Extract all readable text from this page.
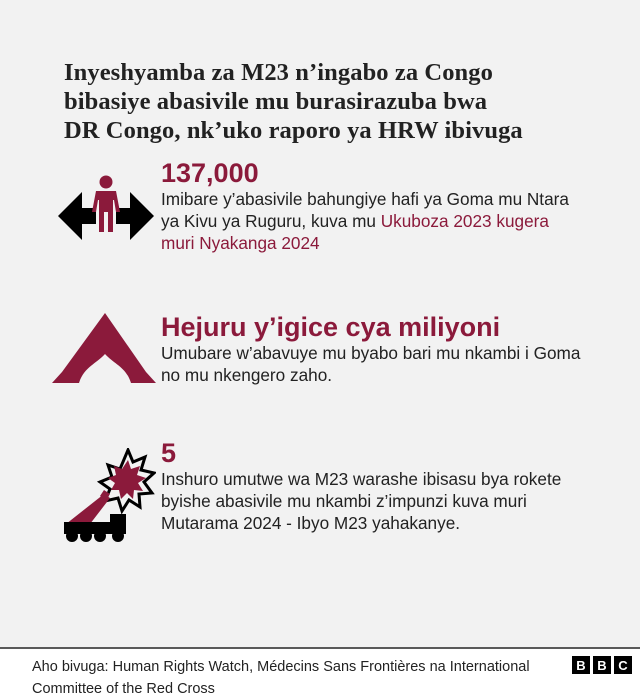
Inyeshyamba za M23 n’ingabo za Congo
bibasiye abasivile mu burasirazuba bwa
DR Congo, nk’uko raporo ya HRW ibivuga
137,000
Imibare y’abasivile bahungiye hafi ya Goma mu Ntara ya Kivu ya Ruguru, kuva mu Ukuboza 2023 kugera muri Nyakanga 2024
Hejuru y’igice cya miliyoni
Umubare w’abavuye mu byabo bari mu nkambi i Goma no mu nkengero zaho.
5
Inshuro umutwe wa M23 warashe ibisasu bya rokete byishe abasivile mu nkambi z’impunzi kuva muri Mutarama 2024 - Ibyo M23 yahakanye.
Aho bivuga: Human Rights Watch, Médecins Sans Frontières na International Committee of the Red Cross
B B C
